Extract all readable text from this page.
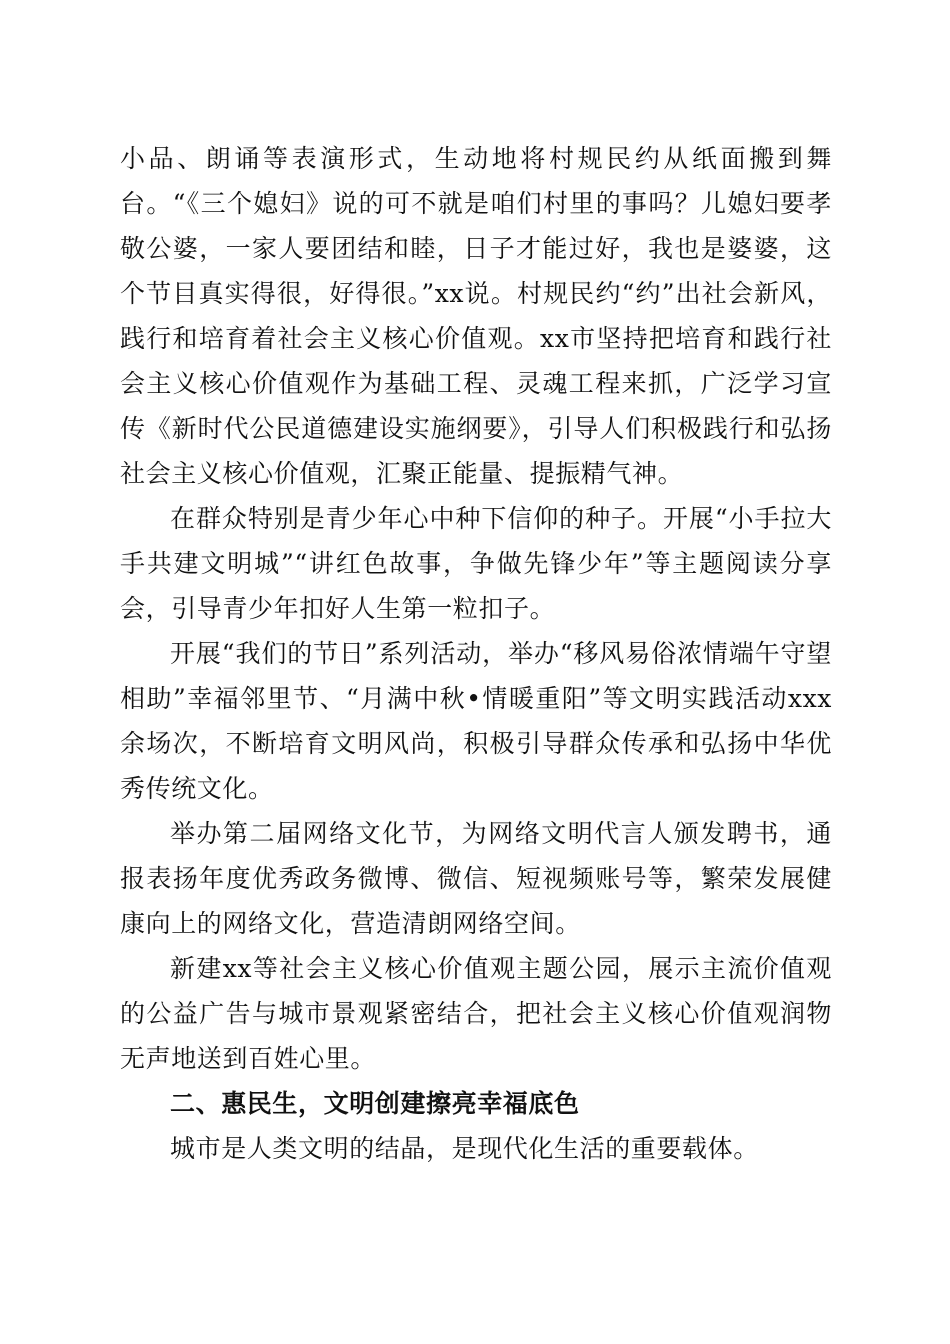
小品、朗诵等表演形式，生动地将村规民约从纸面搬到舞台。“《三个媳妇》说的可不就是咱们村里的事吗？儿媳妇要孝敬公婆，一家人要团结和睦，日子才能过好，我也是婆婆，这个节目真实得很，好得很。”xx说。村规民约“约”出社会新风，践行和培育着社会主义核心价值观。xx市坚持把培育和践行社会主义核心价值观作为基础工程、灵魂工程来抓，广泛学习宣传《新时代公民道德建设实施纲要》，引导人们积极践行和弘扬社会主义核心价值观，汇聚正能量、提振精气神。

在群众特别是青少年心中种下信仰的种子。开展“小手拉大手共建文明城”“讲红色故事，争做先锋少年”等主题阅读分享会，引导青少年扣好人生第一粒扣子。

开展“我们的节日”系列活动，举办“移风易俗浓情端午守望相助”幸福邻里节、“月满中秋•情暖重阳”等文明实践活动xxx余场次，不断培育文明风尚，积极引导群众传承和弘扬中华优秀传统文化。

举办第二届网络文化节，为网络文明代言人颁发聘书，通报表扬年度优秀政务微博、微信、短视频账号等，繁荣发展健康向上的网络文化，营造清朗网络空间。

新建xx等社会主义核心价值观主题公园，展示主流价值观的公益广告与城市景观紧密结合，把社会主义核心价值观润物无声地送到百姓心里。

二、惠民生，文明创建擦亮幸福底色

城市是人类文明的结晶，是现代化生活的重要载体。
